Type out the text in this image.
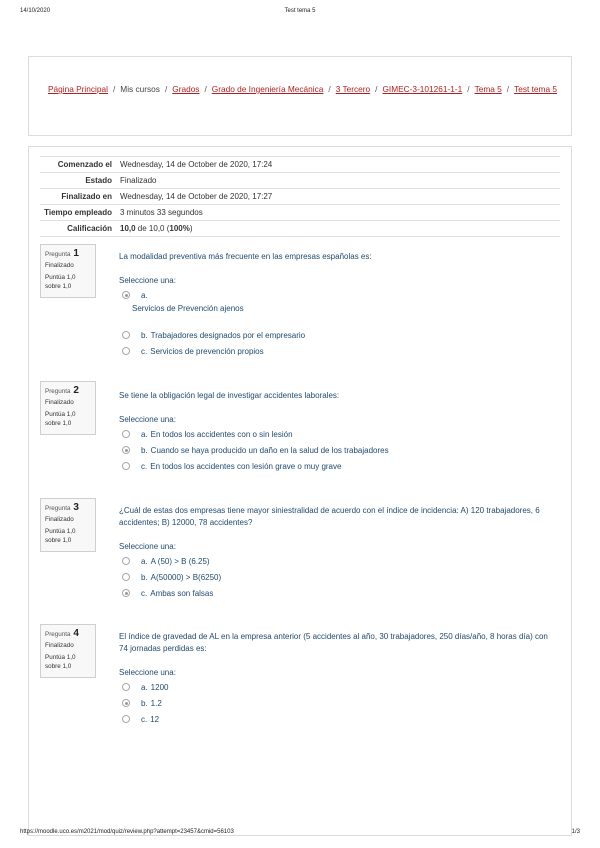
14/10/2020	Test tema 5
Página Principal / Mis cursos / Grados / Grado de Ingeniería Mecánica / 3 Tercero / GIMEC-3-101261-1-1 / Tema 5 / Test tema 5
Comenzado el	Wednesday, 14 de October de 2020, 17:24
Estado	Finalizado
Finalizado en	Wednesday, 14 de October de 2020, 17:27
Tiempo empleado	3 minutos 33 segundos
Calificación	10,0 de 10,0 (100%)
Pregunta 1
Finalizado
Puntúa 1,0
sobre 1,0
La modalidad preventiva más frecuente en las empresas españolas es:
Seleccione una:
a.
Servicios de Prevención ajenos
b. Trabajadores designados por el empresario
c. Servicios de prevención propios
Pregunta 2
Finalizado
Puntúa 1,0
sobre 1,0
Se tiene la obligación legal de investigar accidentes laborales:
Seleccione una:
a. En todos los accidentes con o sin lesión
b. Cuando se haya producido un daño en la salud de los trabajadores
c. En todos los accidentes con lesión grave o muy grave
Pregunta 3
Finalizado
Puntúa 1,0
sobre 1,0
¿Cuál de estas dos empresas tiene mayor siniestralidad de acuerdo con el índice de incidencia: A) 120 trabajadores, 6 accidentes; B) 12000, 78 accidentes?
Seleccione una:
a. A (50) > B (6.25)
b. A(50000) > B(6250)
c. Ambas son falsas
Pregunta 4
Finalizado
Puntúa 1,0
sobre 1,0
El índice de gravedad de AL en la empresa anterior (5 accidentes al año, 30 trabajadores, 250 días/año, 8 horas día) con 74 jornadas perdidas es:
Seleccione una:
a. 1200
b. 1.2
c. 12
https://moodle.uco.es/m2021/mod/quiz/review.php?attempt=23457&cmid=56103	1/3
